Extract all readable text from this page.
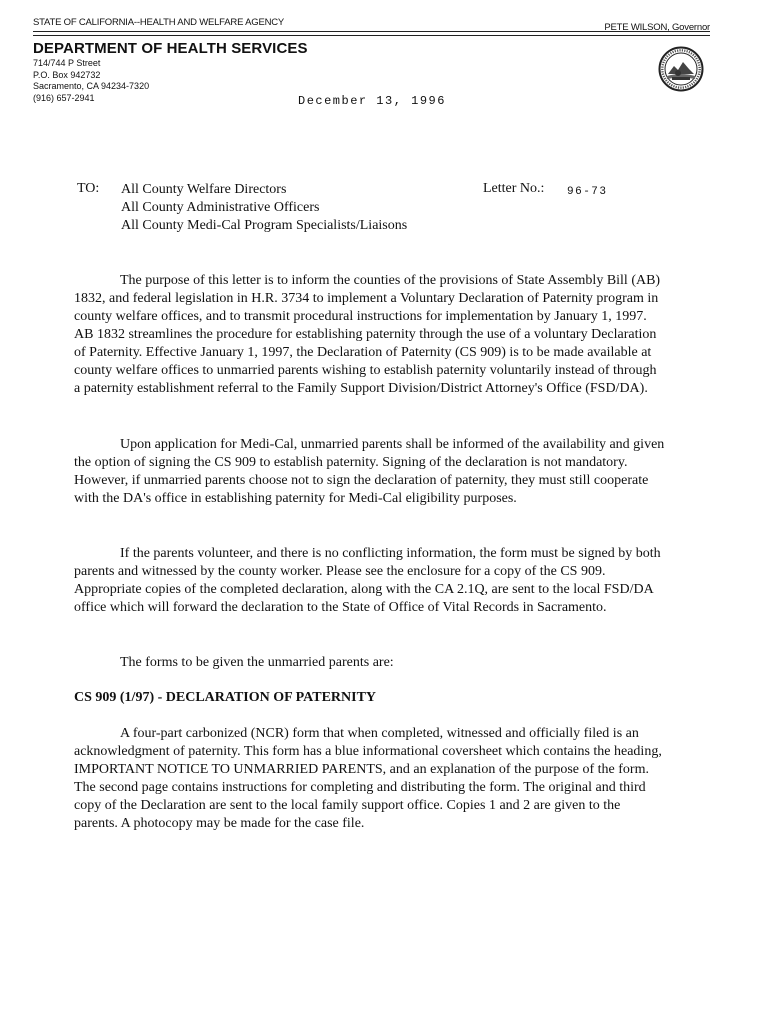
STATE OF CALIFORNIA--HEALTH AND WELFARE AGENCY	PETE WILSON, Governor
DEPARTMENT OF HEALTH SERVICES
714/744 P Street
P.O. Box 942732
Sacramento, CA 94234-7320
(916) 657-2941	December 13, 1996
TO: All County Welfare Directors
All County Administrative Officers
All County Medi-Cal Program Specialists/Liaisons
Letter No.: 96-73

The purpose of this letter is to inform the counties of the provisions of State Assembly Bill (AB) 1832, and federal legislation in H.R. 3734 to implement a Voluntary Declaration of Paternity program in county welfare offices, and to transmit procedural instructions for implementation by January 1, 1997. AB 1832 streamlines the procedure for establishing paternity through the use of a voluntary Declaration of Paternity. Effective January 1, 1997, the Declaration of Paternity (CS 909) is to be made available at county welfare offices to unmarried parents wishing to establish paternity voluntarily instead of through a paternity establishment referral to the Family Support Division/District Attorney's Office (FSD/DA).

Upon application for Medi-Cal, unmarried parents shall be informed of the availability and given the option of signing the CS 909 to establish paternity. Signing of the declaration is not mandatory. However, if unmarried parents choose not to sign the declaration of paternity, they must still cooperate with the DA's office in establishing paternity for Medi-Cal eligibility purposes.

If the parents volunteer, and there is no conflicting information, the form must be signed by both parents and witnessed by the county worker. Please see the enclosure for a copy of the CS 909. Appropriate copies of the completed declaration, along with the CA 2.1Q, are sent to the local FSD/DA office which will forward the declaration to the State of Office of Vital Records in Sacramento.

The forms to be given the unmarried parents are:

CS 909 (1/97) - DECLARATION OF PATERNITY

A four-part carbonized (NCR) form that when completed, witnessed and officially filed is an acknowledgment of paternity. This form has a blue informational coversheet which contains the heading, IMPORTANT NOTICE TO UNMARRIED PARENTS, and an explanation of the purpose of the form. The second page contains instructions for completing and distributing the form. The original and third copy of the Declaration are sent to the local family support office. Copies 1 and 2 are given to the parents. A photocopy may be made for the case file.
